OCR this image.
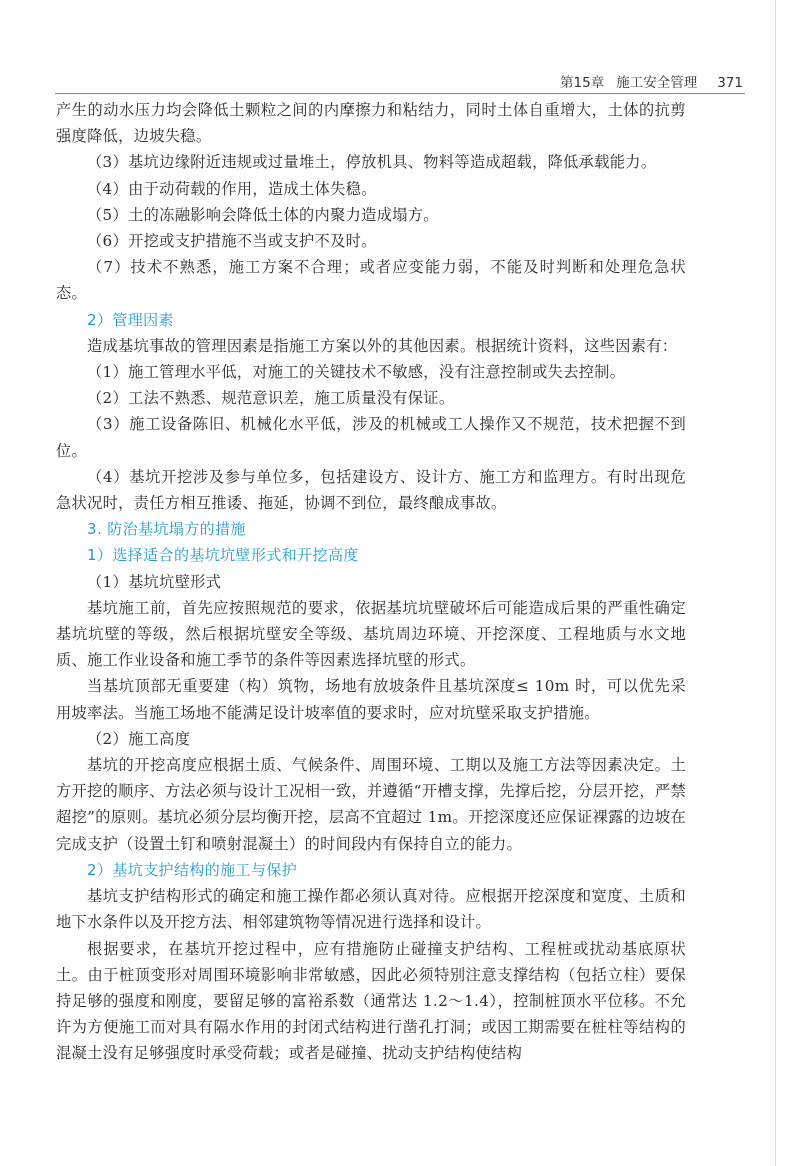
第15章 施工安全管理 371

产生的动水压力均会降低土颗粒之间的内摩擦力和粘结力，同时土体自重增大，土体的抗剪强度降低，边坡失稳。

（3）基坑边缘附近违规或过量堆土，停放机具、物料等造成超载，降低承载能力。

（4）由于动荷载的作用，造成土体失稳。

（5）土的冻融影响会降低土体的内聚力造成塌方。

（6）开挖或支护措施不当或支护不及时。

（7）技术不熟悉，施工方案不合理；或者应变能力弱，不能及时判断和处理危急状态。

2）管理因素

造成基坑事故的管理因素是指施工方案以外的其他因素。根据统计资料，这些因素有：

（1）施工管理水平低，对施工的关键技术不敏感，没有注意控制或失去控制。

（2）工法不熟悉、规范意识差，施工质量没有保证。

（3）施工设备陈旧、机械化水平低，涉及的机械或工人操作又不规范，技术把握不到位。

（4）基坑开挖涉及参与单位多，包括建设方、设计方、施工方和监理方。有时出现危急状况时，责任方相互推诿、拖延，协调不到位，最终酿成事故。

3. 防治基坑塌方的措施

1）选择适合的基坑坑壁形式和开挖高度

（1）基坑坑壁形式

基坑施工前，首先应按照规范的要求，依据基坑坑壁破坏后可能造成后果的严重性确定基坑坑壁的等级，然后根据坑壁安全等级、基坑周边环境、开挖深度、工程地质与水文地质、施工作业设备和施工季节的条件等因素选择坑壁的形式。

当基坑顶部无重要建（构）筑物，场地有放坡条件且基坑深度≤ 10m 时，可以优先采用坡率法。当施工场地不能满足设计坡率值的要求时，应对坑壁采取支护措施。

（2）施工高度

基坑的开挖高度应根据土质、气候条件、周围环境、工期以及施工方法等因素决定。土方开挖的顺序、方法必须与设计工况相一致，并遵循“开槽支撑，先撑后挖，分层开挖，严禁超挖”的原则。基坑必须分层均衡开挖，层高不宜超过 1m。开挖深度还应保证裸露的边坡在完成支护（设置土钉和喷射混凝土）的时间段内有保持自立的能力。

2）基坑支护结构的施工与保护

基坑支护结构形式的确定和施工操作都必须认真对待。应根据开挖深度和宽度、土质和地下水条件以及开挖方法、相邻建筑物等情况进行选择和设计。

根据要求，在基坑开挖过程中，应有措施防止碰撞支护结构、工程桩或扰动基底原状土。由于桩顶变形对周围环境影响非常敏感，因此必须特别注意支撑结构（包括立柱）要保持足够的强度和刚度，要留足够的富裕系数（通常达 1.2～1.4），控制桩顶水平位移。不允许为方便施工而对具有隔水作用的封闭式结构进行凿孔打洞；或因工期需要在桩柱等结构的混凝土没有足够强度时承受荷载；或者是碰撞、扰动支护结构使结构
